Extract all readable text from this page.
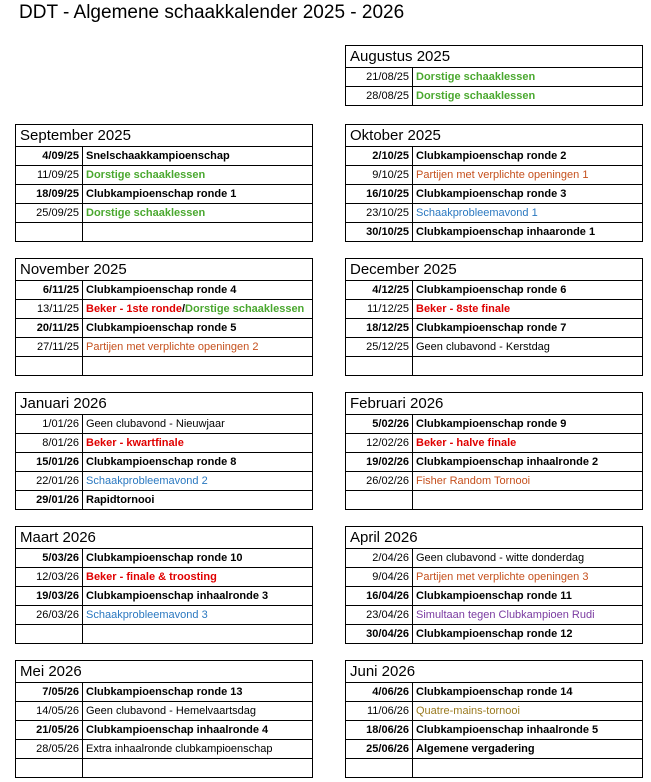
DDT - Algemene schaakkalender 2025 - 2026
Augustus 2025
21/08/25 Dorstige schaaklessen
28/08/25 Dorstige schaaklessen
September 2025
4/09/25 Snelschaakkampioenschap
11/09/25 Dorstige schaaklessen
18/09/25 Clubkampioenschap ronde 1
25/09/25 Dorstige schaaklessen
Oktober 2025
2/10/25 Clubkampioenschap ronde 2
9/10/25 Partijen met verplichte openingen 1
16/10/25 Clubkampioenschap ronde 3
23/10/25 Schaakprobleemavond 1
30/10/25 Clubkampioenschap inhaaronde 1
November 2025
6/11/25 Clubkampioenschap ronde 4
13/11/25 Beker - 1ste ronde/Dorstige schaaklessen
20/11/25 Clubkampioenschap ronde 5
27/11/25 Partijen met verplichte openingen 2
December 2025
4/12/25 Clubkampioenschap ronde 6
11/12/25 Beker - 8ste finale
18/12/25 Clubkampioenschap ronde 7
25/12/25 Geen clubavond - Kerstdag
Januari 2026
1/01/26 Geen clubavond - Nieuwjaar
8/01/26 Beker - kwartfinale
15/01/26 Clubkampioenschap ronde 8
22/01/26 Schaakprobleemavond 2
29/01/26 Rapidtornooi
Februari 2026
5/02/26 Clubkampioenschap ronde 9
12/02/26 Beker - halve finale
19/02/26 Clubkampioenschap inhaalronde 2
26/02/26 Fisher Random Tornooi
Maart 2026
5/03/26 Clubkampioenschap ronde 10
12/03/26 Beker - finale & troosting
19/03/26 Clubkampioenschap inhaalronde 3
26/03/26 Schaakprobleemavond 3
April 2026
2/04/26 Geen clubavond - witte donderdag
9/04/26 Partijen met verplichte openingen 3
16/04/26 Clubkampioenschap ronde 11
23/04/26 Simultaan tegen Clubkampioen Rudi
30/04/26 Clubkampioenschap ronde 12
Mei 2026
7/05/26 Clubkampioenschap ronde 13
14/05/26 Geen clubavond - Hemelvaartsdag
21/05/26 Clubkampioenschap inhaalronde 4
28/05/26 Extra inhaalronde clubkampioenschap
Juni 2026
4/06/26 Clubkampioenschap ronde 14
11/06/26 Quatre-mains-tornooi
18/06/26 Clubkampioenschap inhaalronde 5
25/06/26 Algemene vergadering
